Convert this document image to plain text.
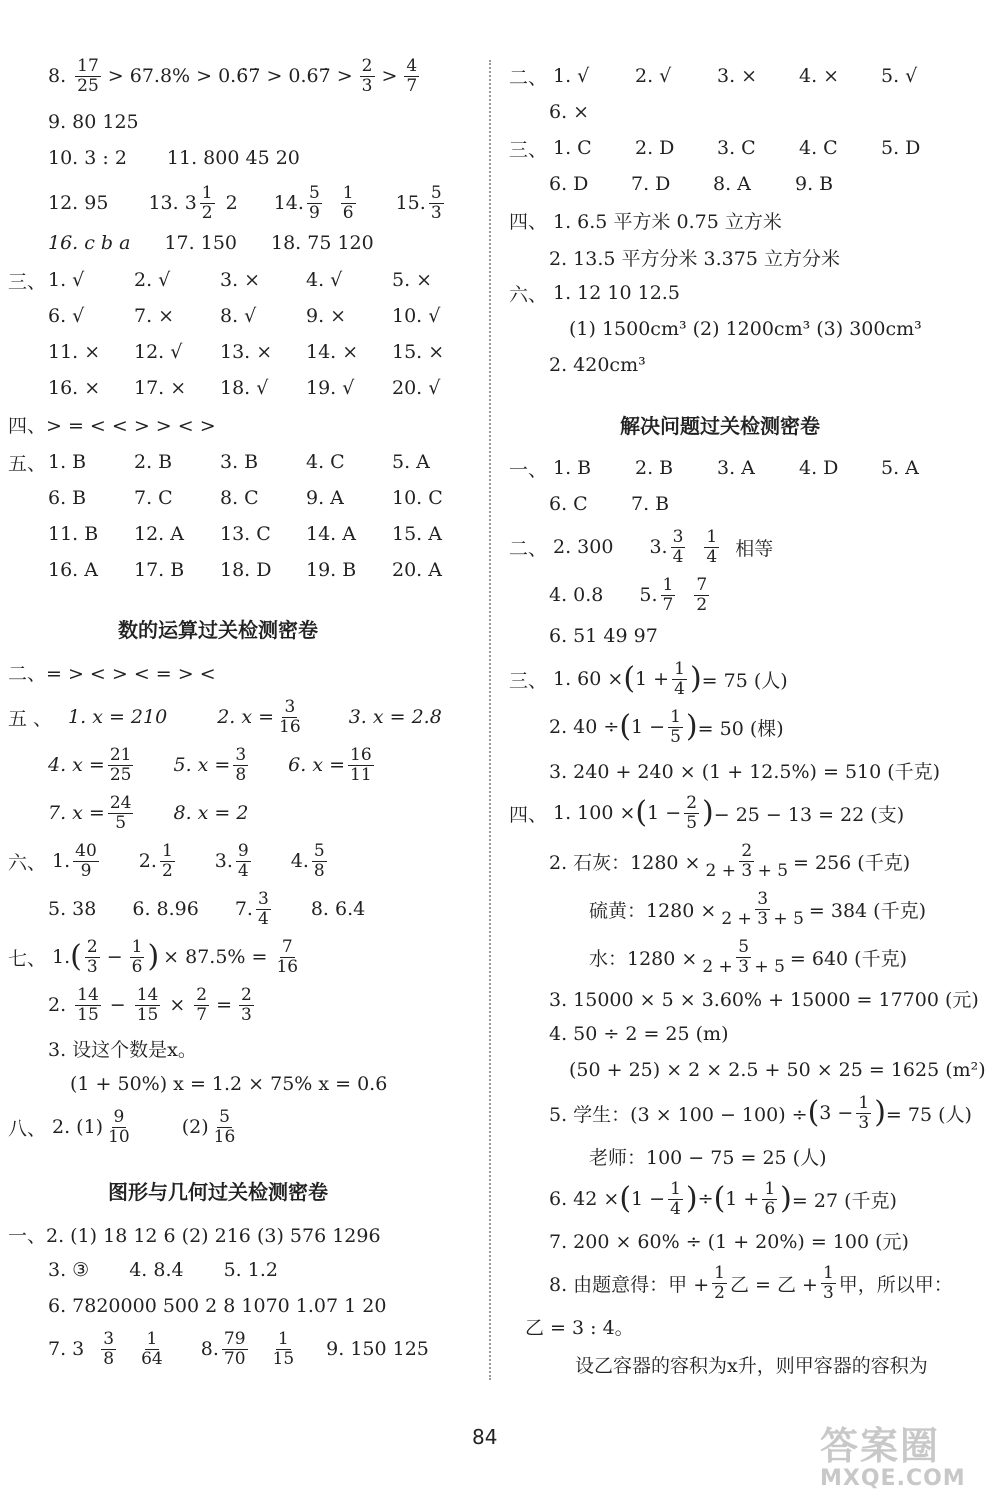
8. $\frac{17}{25} > 67.8\%$ > 0.6̇7̇ > 0.67̇ > $\frac{2}{3} > \frac{4}{7}$
9. 80 125
10. 3 : 2 11. 800 45 20
12. 95 13. $3 \frac{1}{2} 2$ 14. $\frac{5}{9} \frac{1}{6} 15$. $\frac{5}{3}$
16. c b a 17. 150 18. 75 120
三、 1. √	2. √	3. ×	4. √	5. ×
6. √	7. ×	8. √	9. ×	10. √
11. ×	12. √	13. ×	14. ×	15. ×
16. ×	17. ×	18. √	19. √	20. √
四、> = < < > > < >
五、 1. B	2. B	3. B	4. C	5. A
6. B	7. C	8. C	9. A	10. C
11. B	12. A	13. C	14. A	15. A
16. A	17. B	18. D	19. B	20. A
数的运算过关检测密卷
二、= > < > < = > <
五 、 1. x = 210	2. $x = \frac{3}{16} 3$. x = 2.8
4. $x = \frac{21}{25} 5$. $x = \frac{3}{8} 6$. $x = \frac{16}{11}$
7. $x = \frac{24}{5} 8$. x = 2
六、 1. $\frac{40}{9} 2$. $\frac{1}{2} 3$. $\frac{9}{4} 4$. $\frac{5}{8}$
5. 38 6. 8.96 7. $\frac{3}{4} 8$. 6.4
七、 1. ( $\frac{2}{3} - \frac{1}{6}$ ) × $87.5\% = \frac{7}{16}$
2. $\frac{14}{15} - \frac{14}{15} \times \frac{2}{7} = \frac{2}{3}$
3. 设这个数是x。
(1 + 50%) x = 1.2 × 75% x = 0.6
八、 2. $(1) \frac{9}{10}$	$(2) \frac{5}{16}$
图形与几何过关检测密卷
一、2. (1) 18 12 6 (2) 216 (3) 576 1296
3. ③ 4. 8.4 5. 1.2
6. 7820000 500 2 8 1070 1.07 1 20
7. $3 \frac{3}{8} \frac{1}{64} 8$. $\frac{79}{70} \frac{1}{15} 9$. 150 125
二、 1. √	2. √	3. ×	4. ×	5. √
6. ×
三、 1. C	2. D	3. C	4. C	5. D
6. D	7. D	8. A	9. B
四、 1. 6.5 平方米 0.75 立方米
2. 13.5 平方分米 3.375 立方分米
六、 1. 12 10 12.5
(1) 1500cm³ (2) 1200cm³ (3) 300cm³
2. 420cm³
解决问题过关检测密卷
一、 1. B	2. B	3. A	4. D	5. A
6. C	7. B
二、 2. 300 3. $\frac{3}{4} \frac{1}{4}$ 相等
4. 0.8 5. $\frac{1}{7} \frac{7}{2}$
6. 51 49 97
三、 1. 60 × ( $1 + \frac{1}{4}$ ) = 75 (人)
2. 40 ÷ ( $1 - \frac{1}{5}$ ) = 50 (棵)
3. 240 + 240 × (1 + 12.5%) = 510 (千克)
四、 1. 100 × ( $1 - \frac{2}{5}$ ) − 25 − 13 = 22 (支)
2. 石灰：$1280 \times \frac{2}{2 + 3 + 5} = 256$ (千克)
硫黄：$1280 \times \frac{3}{2 + 3 + 5} = 384$ (千克)
水：$1280 \times \frac{5}{2 + 3 + 5} = 640$ (千克)
3. 15000 × 5 × 3.60% + 15000 = 17700 (元)
4. 50 ÷ 2 = 25 (m)
(50 + 25) × 2 × 2.5 + 50 × 25 = 1625 (m²)
5. 学生：(3 × 100 − 100) ÷ ( $3 - \frac{1}{3}$ ) = 75 (人)
老师：100 − 75 = 25 (人)
6. 42 × ( $1 - \frac{1}{4}$ ) ÷ ( $1 + \frac{1}{6}$ ) = 27 (千克)
7. 200 × 60% ÷ (1 + 20%) = 100 (元)
8. 由题意得：甲 + $\frac{1}{2}$ 乙 = 乙 + $\frac{1}{3}$ 甲，所以甲：
乙 = 3 : 4。
设乙容器的容积为x升，则甲容器的容积为
84	答案圈
MXQE.COM
